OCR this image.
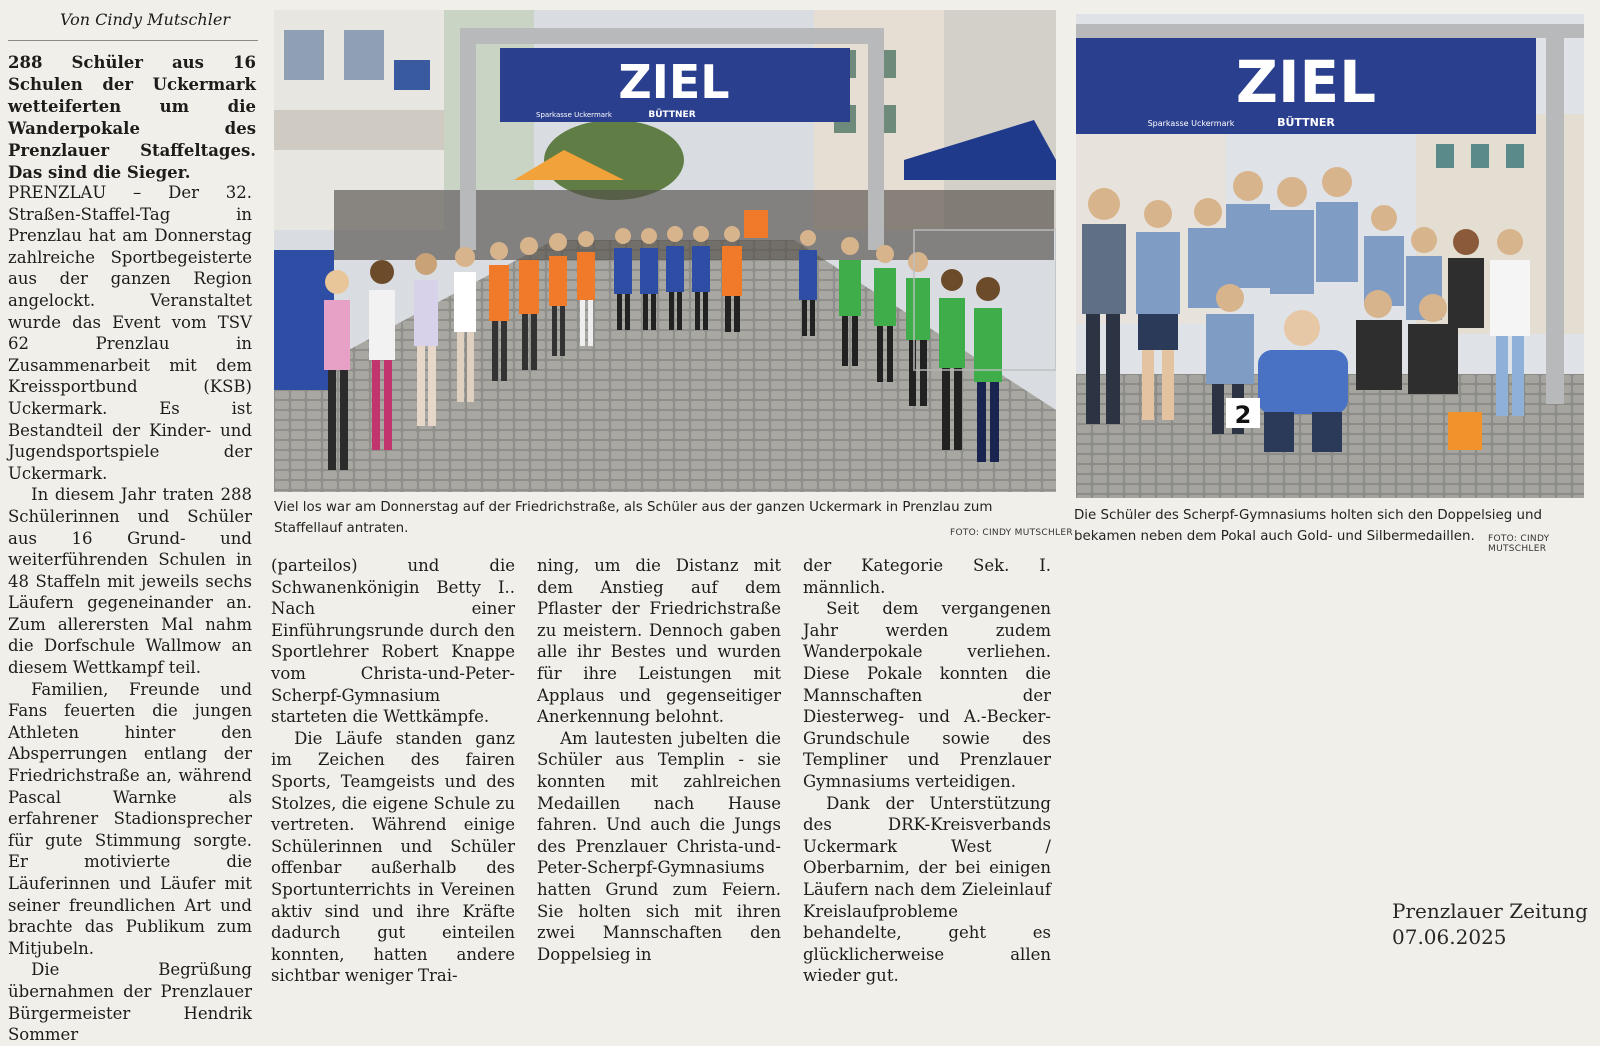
Von Cindy Mutschler
288 Schüler aus 16 Schulen der Uckermark wetteiferten um die Wanderpokale des Prenzlauer Staffeltages. Das sind die Sieger.

PRENZLAU – Der 32. Straßen-Staffel-Tag in Prenzlau hat am Donnerstag zahlreiche Sportbegeisterte aus der ganzen Region angelockt. Veranstaltet wurde das Event vom TSV 62 Prenzlau in Zusammenarbeit mit dem Kreissportbund (KSB) Uckermark. Es ist Bestandteil der Kinder- und Jugendsportspiele der Uckermark.

In diesem Jahr traten 288 Schülerinnen und Schüler aus 16 Grund- und weiterführenden Schulen in 48 Staffeln mit jeweils sechs Läufern gegeneinander an. Zum allerersten Mal nahm die Dorfschule Wallmow an diesem Wettkampf teil.

Familien, Freunde und Fans feuerten die jungen Athleten hinter den Absperrungen entlang der Friedrichstraße an, während Pascal Warnke als erfahrener Stadionsprecher für gute Stimmung sorgte. Er motivierte die Läuferinnen und Läufer mit seiner freundlichen Art und brachte das Publikum zum Mitjubeln.

Die Begrüßung übernahmen der Prenzlauer Bürgermeister Hendrik Sommer

(parteilos) und die Schwanenkönigin Betty I.. Nach einer Einführungsrunde durch den Sportlehrer Robert Knappe vom Christa-und-Peter-Scherpf-Gymnasium starteten die Wettkämpfe.

Die Läufe standen ganz im Zeichen des fairen Sports, Teamgeists und des Stolzes, die eigene Schule zu vertreten. Während einige Schülerinnen und Schüler offenbar außerhalb des Sportunterrichts in Vereinen aktiv sind und ihre Kräfte dadurch gut einteilen konnten, hatten andere sichtbar weniger Trai-

ning, um die Distanz mit dem Anstieg auf dem Pflaster der Friedrichstraße zu meistern. Dennoch gaben alle ihr Bestes und wurden für ihre Leistungen mit Applaus und gegenseitiger Anerkennung belohnt.

Am lautesten jubelten die Schüler aus Templin - sie konnten mit zahlreichen Medaillen nach Hause fahren. Und auch die Jungs des Prenzlauer Christa-und-Peter-Scherpf-Gymnasiums hatten Grund zum Feiern. Sie holten sich mit ihren zwei Mannschaften den Doppelsieg in

der Kategorie Sek. I. männlich.

Seit dem vergangenen Jahr werden zudem Wanderpokale verliehen. Diese Pokale konnten die Mannschaften der Diesterweg- und A.-Becker-Grundschule sowie des Templiner und Prenzlauer Gymnasiums verteidigen.

Dank der Unterstützung des DRK-Kreisverbands Uckermark West / Oberbarnim, der bei einigen Läufern nach dem Zieleinlauf Kreislaufprobleme behandelte, geht es glücklicherweise allen wieder gut.

ZIEL
Sparkasse Uckermark	BÜTTNER	ZIEL
Sparkasse Uckermark	BÜTTNER
2
Viel los war am Donnerstag auf der Friedrichstraße, als Schüler aus der ganzen Uckermark in Prenzlau zum Staffellauf antraten.	FOTO: CINDY MUTSCHLER
Die Schüler des Scherpf-Gymnasiums holten sich den Doppelsieg und bekamen neben dem Pokal auch Gold- und Silbermedaillen.	FOTO: CINDY MUTSCHLER
Prenzlauer Zeitung
07.06.2025
